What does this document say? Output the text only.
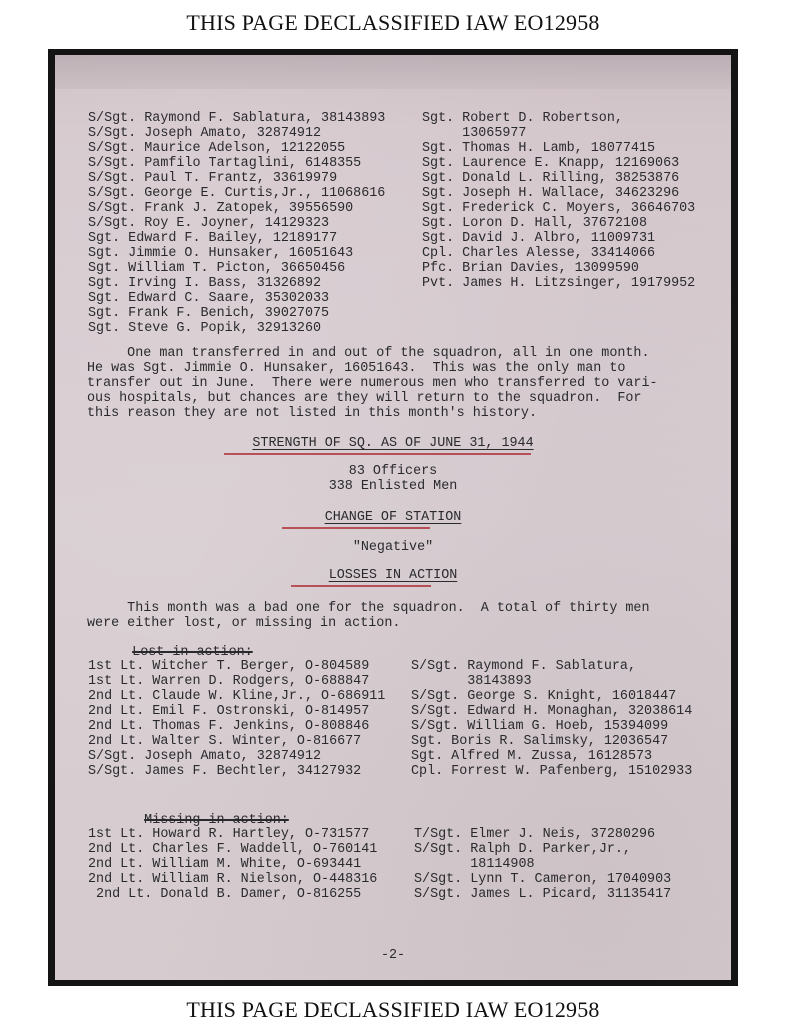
THIS PAGE DECLASSIFIED IAW EO12958
S/Sgt. Raymond F. Sablatura, 38143893
S/Sgt. Joseph Amato, 32874912
S/Sgt. Maurice Adelson, 12122055
S/Sgt. Pamfilo Tartaglini, 6148355
S/Sgt. Paul T. Frantz, 33619979
S/Sgt. George E. Curtis,Jr., 11068616
S/Sgt. Frank J. Zatopek, 39556590
S/Sgt. Roy E. Joyner, 14129323
Sgt. Edward F. Bailey, 12189177
Sgt. Jimmie O. Hunsaker, 16051643
Sgt. William T. Picton, 36650456
Sgt. Irving I. Bass, 31326892
Sgt. Edward C. Saare, 35302033
Sgt. Frank F. Benich, 39027075
Sgt. Steve G. Popik, 32913260
Sgt. Robert D. Robertson,
13065977
Sgt. Thomas H. Lamb, 18077415
Sgt. Laurence E. Knapp, 12169063
Sgt. Donald L. Rilling, 38253876
Sgt. Joseph H. Wallace, 34623296
Sgt. Frederick C. Moyers, 36646703
Sgt. Loron D. Hall, 37672108
Sgt. David J. Albro, 11009731
Cpl. Charles Alesse, 33414066
Pfc. Brian Davies, 13099590
Pvt. James H. Litzsinger, 19179952
One man transferred in and out of the squadron, all in one month.
He was Sgt. Jimmie O. Hunsaker, 16051643.  This was the only man to
transfer out in June.  There were numerous men who transferred to vari-
ous hospitals, but chances are they will return to the squadron.  For
this reason they are not listed in this month's history.
STRENGTH OF SQ. AS OF JUNE 31, 1944
83 Officers
338 Enlisted Men
CHANGE OF STATION
"Negative"
LOSSES IN ACTION
This month was a bad one for the squadron.  A total of thirty men
were either lost, or missing in action.

Lost in action:

1st Lt. Witcher T. Berger, O-804589
1st Lt. Warren D. Rodgers, O-688847
2nd Lt. Claude W. Kline,Jr., O-686911
2nd Lt. Emil F. Ostronski, O-814957
2nd Lt. Thomas F. Jenkins, O-808846
2nd Lt. Walter S. Winter, O-816677
S/Sgt. Joseph Amato, 32874912
S/Sgt. James F. Bechtler, 34127932
S/Sgt. Raymond F. Sablatura,
38143893
S/Sgt. George S. Knight, 16018447
S/Sgt. Edward H. Monaghan, 32038614
S/Sgt. William G. Hoeb, 15394099
Sgt. Boris R. Salimsky, 12036547
Sgt. Alfred M. Zussa, 16128573
Cpl. Forrest W. Pafenberg, 15102933

Missing in action:

1st Lt. Howard R. Hartley, O-731577
2nd Lt. Charles F. Waddell, O-760141
2nd Lt. William M. White, O-693441
2nd Lt. William R. Nielson, O-448316
2nd Lt. Donald B. Damer, O-816255
T/Sgt. Elmer J. Neis, 37280296
S/Sgt. Ralph D. Parker,Jr.,
18114908
S/Sgt. Lynn T. Cameron, 17040903
S/Sgt. James L. Picard, 31135417
-2-
THIS PAGE DECLASSIFIED IAW EO12958
